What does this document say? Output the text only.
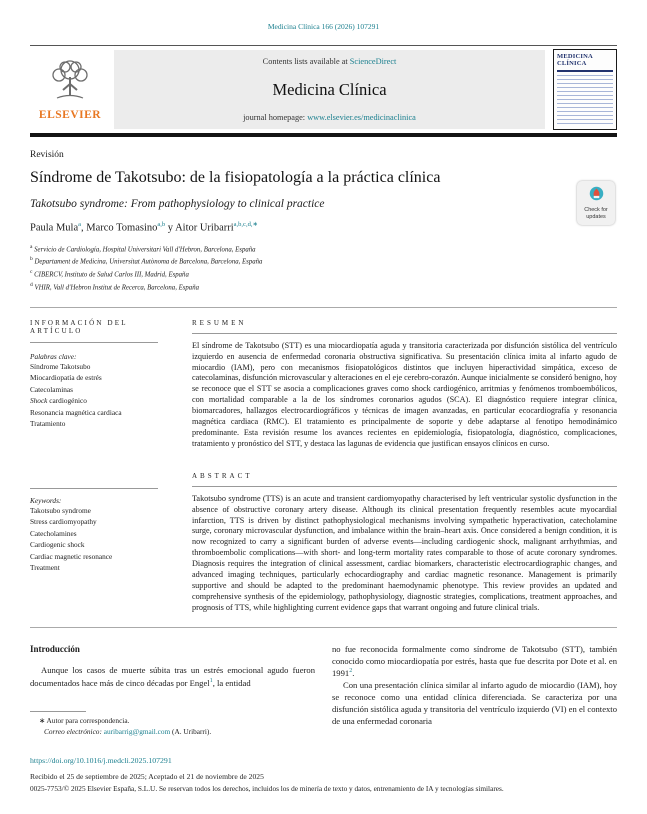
Medicina Clínica 166 (2026) 107291
ELSEVIER
Contents lists available at ScienceDirect
Medicina Clínica
journal homepage: www.elsevier.es/medicinaclinica
MEDICINA CLÍNICA
Revisión
Síndrome de Takotsubo: de la fisiopatología a la práctica clínica
Takotsubo syndrome: From pathophysiology to clinical practice
Paula Mula$^a$, Marco Tomasino$^{a,b}$ y Aitor Uribarri$^{a,b,c,d,∗}$
$^a$ Servicio de Cardiología, Hospital Universitari Vall d'Hebron, Barcelona, España
$^b$ Departament de Medicina, Universitat Autònoma de Barcelona, Barcelona, España
$^c$ CIBERCV, Instituto de Salud Carlos III, Madrid, España
$^d$ VHIR, Vall d'Hebron Institut de Recerca, Barcelona, España
Check for updates
INFORMACIÓN DEL ARTÍCULO
Palabras clave:
Síndrome Takotsubo
Miocardiopatía de estrés
Catecolaminas
Shock cardiogénico
Resonancia magnética cardiaca
Tratamiento
Keywords:
Takotsubo syndrome
Stress cardiomyopathy
Catecholamines
Cardiogenic shock
Cardiac magnetic resonance
Treatment
RESUMEN

El síndrome de Takotsubo (STT) es una miocardiopatía aguda y transitoria caracterizada por disfunción sistólica del ventrículo izquierdo en ausencia de enfermedad coronaria obstructiva significativa. Su presentación clínica imita al infarto agudo de miocardio (IAM), pero con mecanismos fisiopatológicos distintos que incluyen hiperactividad simpática, exceso de catecolaminas, disfunción microvascular y alteraciones en el eje cerebro-corazón. Aunque inicialmente se consideró benigno, hoy se reconoce que el STT se asocia a complicaciones graves como shock cardiogénico, arritmias y fenómenos tromboembólicos, con mortalidad comparable a la de los síndromes coronarios agudos (SCA). El diagnóstico requiere integrar clínica, biomarcadores, hallazgos electrocardiográficos y técnicas de imagen avanzadas, en particular ecocardiografía y resonancia magnética cardiaca (RMC). El tratamiento es principalmente de soporte y debe adaptarse al fenotipo hemodinámico predominante. Esta revisión resume los avances recientes en epidemiología, fisiopatología, diagnóstico, complicaciones, tratamiento y pronóstico del STT, y destaca las lagunas de evidencia que justifican ensayos clínicos en curso.

ABSTRACT

Takotsubo syndrome (TTS) is an acute and transient cardiomyopathy characterised by left ventricular systolic dysfunction in the absence of obstructive coronary artery disease. Although its clinical presentation frequently resembles acute myocardial infarction, TTS is driven by distinct pathophysiological mechanisms involving sympathetic hyperactivation, catecholamine surge, coronary microvascular dysfunction, and imbalance within the brain–heart axis. Once considered a benign condition, it is now recognized to carry a significant burden of adverse events—including cardiogenic shock, malignant arrhythmias, and thromboembolic complications—with short- and long-term mortality rates comparable to those of acute coronary syndromes. Diagnosis requires the integration of clinical assessment, cardiac biomarkers, characteristic electrocardiographic changes, and advanced imaging techniques, particularly echocardiography and cardiac magnetic resonance. Management is primarily supportive and should be adapted to the predominant haemodynamic phenotype. This review provides an updated and comprehensive synthesis of the epidemiology, pathophysiology, diagnostic strategies, complications, treatment approaches, and prognosis of TTS, while highlighting current evidence gaps that warrant ongoing and future clinical trials.

Introducción

Aunque los casos de muerte súbita tras un estrés emocional agudo fueron documentados hace más de cinco décadas por Engel$^1$, la entidad

∗ Autor para correspondencia.
Correo electrónico: auribarrig@gmail.com (A. Uribarri).

no fue reconocida formalmente como síndrome de Takotsubo (STT), también conocido como miocardiopatía por estrés, hasta que fue descrita por Dote et al. en 1991$^2$.

Con una presentación clínica similar al infarto agudo de miocardio (IAM), hoy se reconoce como una entidad clínica diferenciada. Se caracteriza por una disfunción sistólica aguda y transitoria del ventrículo izquierdo (VI) en el contexto de una enfermedad coronaria

https://doi.org/10.1016/j.medcli.2025.107291
Recibido el 25 de septiembre de 2025; Aceptado el 21 de noviembre de 2025
0025-7753/© 2025 Elsevier España, S.L.U. Se reservan todos los derechos, incluidos los de minería de texto y datos, entrenamiento de IA y tecnologías similares.
